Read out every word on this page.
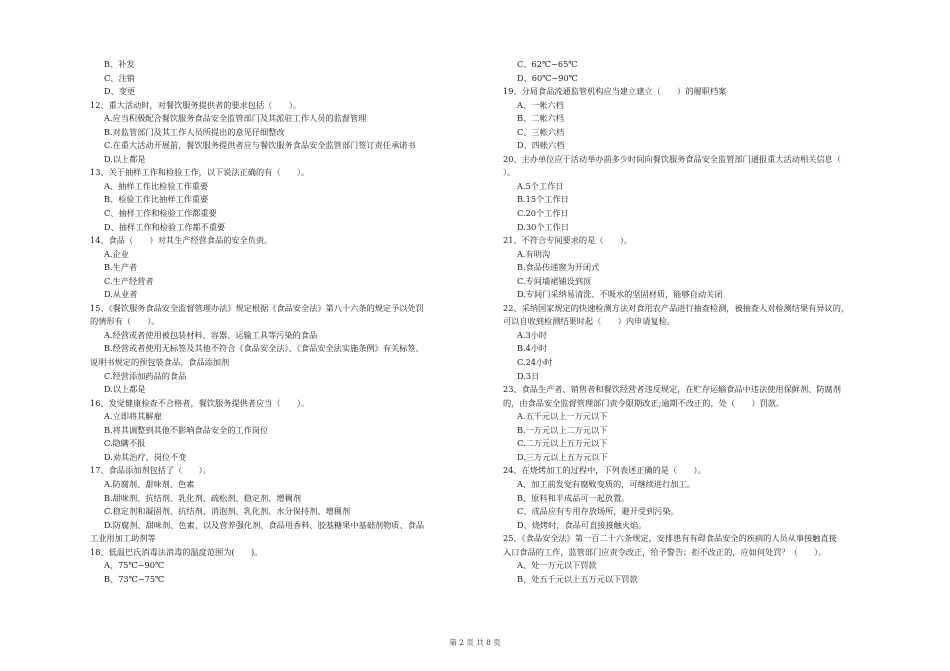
B、补发
C、注销
D、变更
12、重大活动时，对餐饮服务提供者的要求包括（　　）。
A.应当积极配合餐饮服务食品安全监管部门及其派驻工作人员的监督管理
B.对监管部门及其工作人员所提出的意见仔细整改
C.在重大活动开展前，餐饮服务提供者应与餐饮服务食品安全监管部门签订责任承诺书
D.以上都是
13、关于抽样工作和检验工作，以下说法正确的有（　　）。
A、抽样工作比检验工作重要
B、检验工作比抽样工作重要
C、抽样工作和检验工作都重要
D、抽样工作和检验工作都不重要
14、食品（　　）对其生产经营食品的安全负责。
A.企业
B.生产者
C.生产经营者
D.从业者
15、《餐饮服务食品安全监督管理办法》规定根据《食品安全法》第八十六条的规定予以处罚
的情形有（　　）。
A.经营或者使用被包装材料、容器、运输工具等污染的食品
B.经营或者使用无标签及其他不符合《食品安全法》、《食品安全法实施条例》有关标签、
说明书规定的预包装食品、食品添加剂
C.经营添加药品的食品
D.以上都是
16、发觉健康检查不合格者，餐饮服务提供者应当（　　）。
A.立即将其解雇
B.将其调整到其他不影响食品安全的工作岗位
C.隐瞒不报
D.劝其治疗，岗位不变
17、食品添加剂包括了（　　）。
A.防腐剂、甜味剂、色素
B.甜味剂、抗结剂、乳化剂、疏松剂、稳定剂、增稠剂
C.稳定剂和凝固剂、抗结剂、消泡剂、乳化剂、水分保持剂、增稠剂
D.防腐剂、甜味剂、色素、以及营养强化剂、食品用香料、胶基糖果中基础剂物质、食品
工业用加工助剂等
18、低温巴氏消毒法消毒的温度范围为(　　)。
A、75℃~90℃
B、73℃~75℃
C、62℃~65℃
D、60℃~90℃
19、分局食品流通监管机构应当建立建立（　　）的履职档案
A、一帐六档
B、二帐六档
C、三帐六档
D、四帐六档
20、主办单位应于活动举办前多少时间向餐饮服务食品安全监管部门通报重大活动相关信息（
）。
A.5个工作日
B.15个工作日
C.20个工作日
D.30个工作日
21、不符合专间要求的是（　　）。
A.有明沟
B.食品传递窗为开闭式
C.专间墙裙铺设到顶
D.专间门采纳易清洗、不吸水的坚固材质，能够自动关闭
22、采纳国家规定的快速检测方法对食用农产品进行抽查检测，被抽查人对检测结果有异议的，
可以自收到检测结果时起（　　）内申请复检。
A.3小时
B.4小时
C.24小时
D.3日
23、食品生产者、销售者和餐饮经营者违反规定，在贮存运输食品中违法使用保鲜剂、防腐剂
的，由食品安全监督管理部门责令限期改正;逾期不改正的，处（　　）罚款。
A.五千元以上一万元以下
B.一万元以上二万元以下
C.二万元以上五万元以下
D.三万元以上五万元以下
24、在烧烤加工的过程中，下列表述正确的是（　　）。
A、加工前发觉有腐败变质的，可继续进行加工。
B、原料和半成品可一起放置。
C、成品应有专用存放场所，避开受到污染。
D、烧烤时，食品可直接接触火焰。
25、《食品安全法》第一百二十六条规定，安排患有有碍食品安全的疾病的人员从事接触直接
入口食品的工作，监管部门应责令改正，给予警告；拒不改正的，应如何处罚？（　　）。
A、处一万元以下罚款
B、处五千元以上五万元以下罚款
第 2 页 共 8 页
